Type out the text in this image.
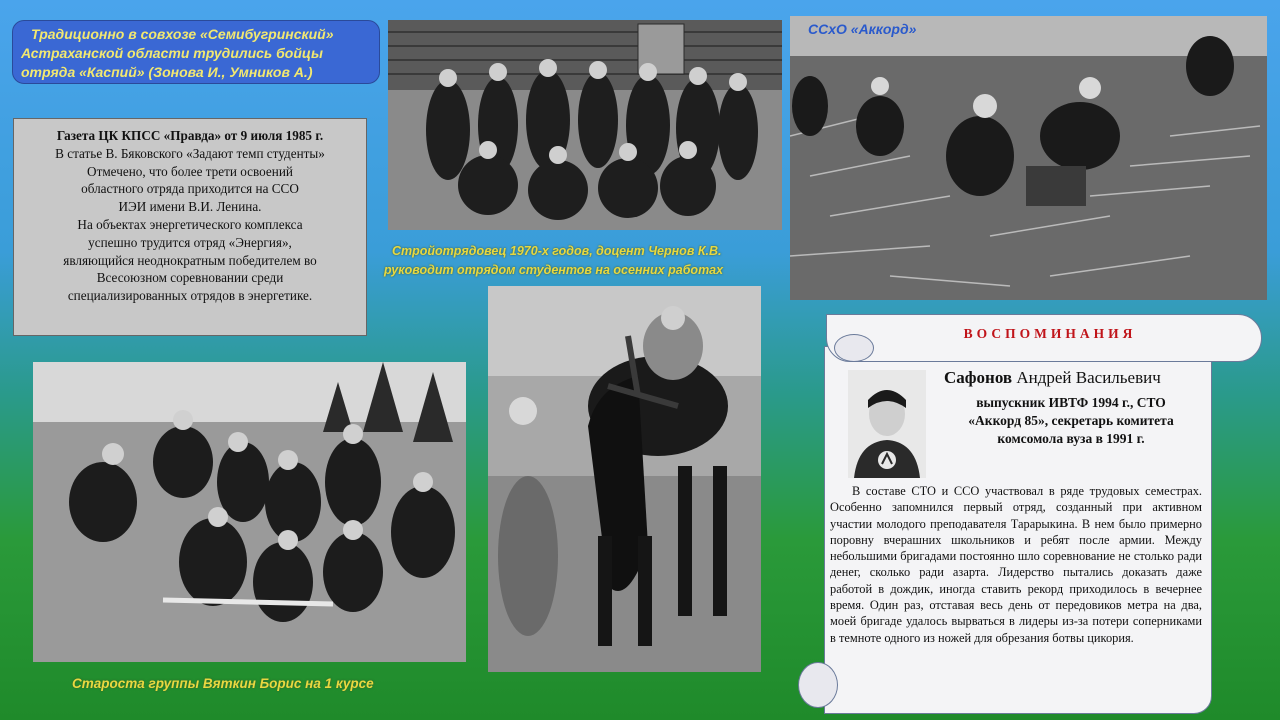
Традиционно в совхозе «Семибугринский»
Астраханской области трудились бойцы
отряда «Каспий» (Зонова И., Умников А.)
Газета ЦК КПСС «Правда» от 9 июля 1985 г.
В статье В. Бяковского «Задают темп студенты»
Отмечено, что более трети освоений
областного отряда приходится на ССО
ИЭИ имени В.И. Ленина.
На объектах энергетического комплекса
успешно трудится отряд «Энергия»,
являющийся неоднократным победителем во
Всесоюзном соревновании среди
специализированных отрядов в энергетике.
ССхО «Аккорд»
Стройотрядовец 1970-х годов, доцент Чернов К.В.
руководит отрядом студентов на осенних работах
Староста группы Вяткин Борис на 1 курсе
ВОСПОМИНАНИЯ
Сафонов Андрей Васильевич
выпускник ИВТФ 1994 г., СТО
«Аккорд 85», секретарь комитета
комсомола вуза в 1991 г.
В составе СТО и ССО участвовал в ряде трудовых семестрах. Особенно запомнился первый отряд, созданный при активном участии молодого преподавателя Тарарыкина. В нем было примерно поровну вчерашних школьников и ребят после армии. Между небольшими бригадами постоянно шло соревнование не столько ради денег, сколько ради азарта. Лидерство пытались доказать даже работой в дождик, иногда ставить рекорд приходилось в вечернее время. Один раз, отставая весь день от передовиков метра на два, моей бригаде удалось вырваться в лидеры из-за потери соперниками в темноте одного из ножей для обрезания ботвы цикория.
